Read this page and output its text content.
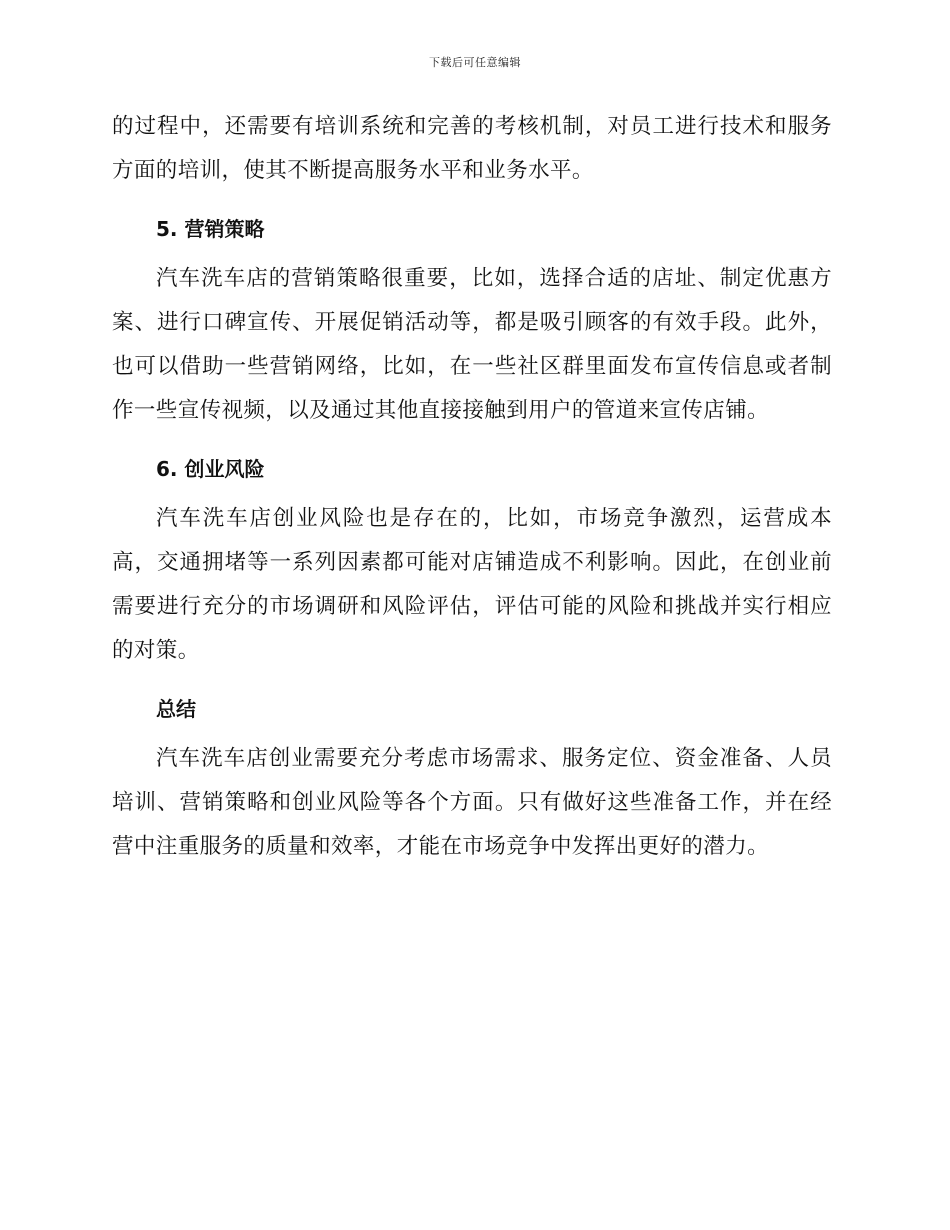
下载后可任意编辑

的过程中，还需要有培训系统和完善的考核机制，对员工进行技术和服务方面的培训，使其不断提高服务水平和业务水平。

5. 营销策略

汽车洗车店的营销策略很重要，比如，选择合适的店址、制定优惠方案、进行口碑宣传、开展促销活动等，都是吸引顾客的有效手段。此外，也可以借助一些营销网络，比如，在一些社区群里面发布宣传信息或者制作一些宣传视频，以及通过其他直接接触到用户的管道来宣传店铺。

6. 创业风险

汽车洗车店创业风险也是存在的，比如，市场竞争激烈，运营成本高，交通拥堵等一系列因素都可能对店铺造成不利影响。因此，在创业前需要进行充分的市场调研和风险评估，评估可能的风险和挑战并实行相应的对策。

总结

汽车洗车店创业需要充分考虑市场需求、服务定位、资金准备、人员培训、营销策略和创业风险等各个方面。只有做好这些准备工作，并在经营中注重服务的质量和效率，才能在市场竞争中发挥出更好的潜力。
